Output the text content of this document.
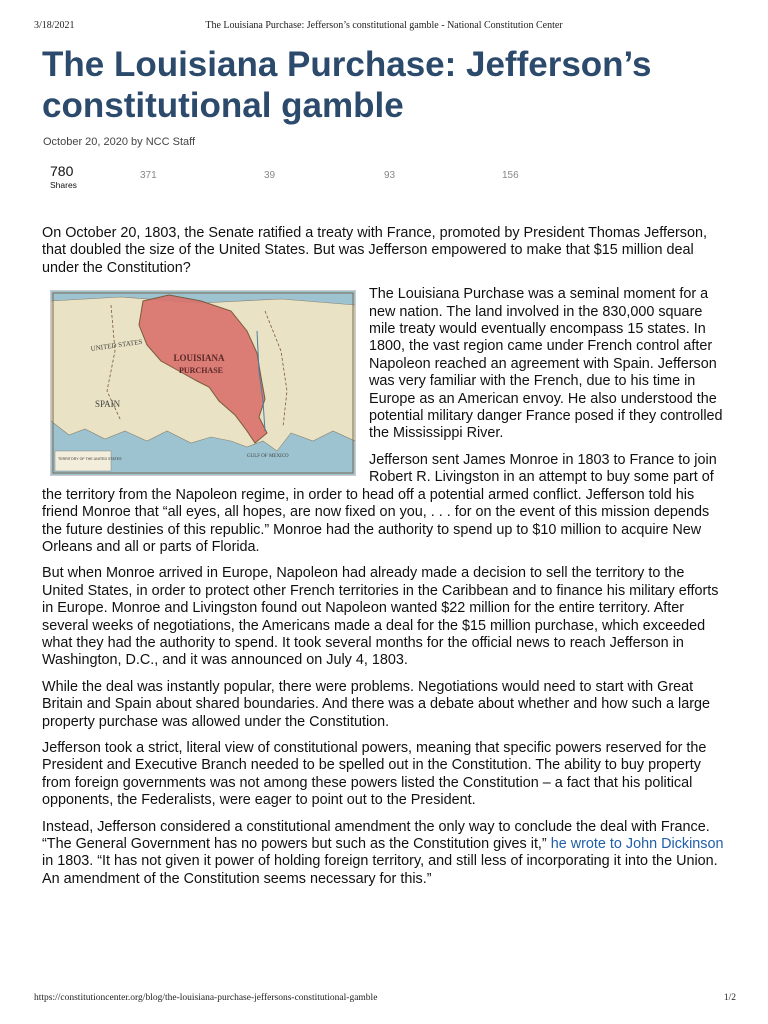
3/18/2021	The Louisiana Purchase: Jefferson’s constitutional gamble - National Constitution Center
The Louisiana Purchase: Jefferson’s constitutional gamble
October 20, 2020 by NCC Staff
780
Shares
371	39	93	156

On October 20, 1803, the Senate ratified a treaty with France, promoted by President Thomas Jefferson, that doubled the size of the United States. But was Jefferson empowered to make that $15 million deal under the Constitution?

LOUISIANA
PURCHASE
UNITED STATES
SPAIN
GULF OF MEXICO
TERRITORY OF THE UNITED STATES

The Louisiana Purchase was a seminal moment for a new nation. The land involved in the 830,000 square mile treaty would eventually encompass 15 states. In 1800, the vast region came under French control after Napoleon reached an agreement with Spain. Jefferson was very familiar with the French, due to his time in Europe as an American envoy. He also understood the potential military danger France posed if they controlled the Mississippi River.

Jefferson sent James Monroe in 1803 to France to join Robert R. Livingston in an attempt to buy some part of the territory from the Napoleon regime, in order to head off a potential armed conflict. Jefferson told his friend Monroe that “all eyes, all hopes, are now fixed on you, . . . for on the event of this mission depends the future destinies of this republic.” Monroe had the authority to spend up to $10 million to acquire New Orleans and all or parts of Florida.

But when Monroe arrived in Europe, Napoleon had already made a decision to sell the territory to the United States, in order to protect other French territories in the Caribbean and to finance his military efforts in Europe. Monroe and Livingston found out Napoleon wanted $22 million for the entire territory. After several weeks of negotiations, the Americans made a deal for the $15 million purchase, which exceeded what they had the authority to spend. It took several months for the official news to reach Jefferson in Washington, D.C., and it was announced on July 4, 1803.

While the deal was instantly popular, there were problems. Negotiations would need to start with Great Britain and Spain about shared boundaries. And there was a debate about whether and how such a large property purchase was allowed under the Constitution.

Jefferson took a strict, literal view of constitutional powers, meaning that specific powers reserved for the President and Executive Branch needed to be spelled out in the Constitution. The ability to buy property from foreign governments was not among these powers listed the Constitution – a fact that his political opponents, the Federalists, were eager to point out to the President.

Instead, Jefferson considered a constitutional amendment the only way to conclude the deal with France. “The General Government has no powers but such as the Constitution gives it,” he wrote to John Dickinson in 1803. “It has not given it power of holding foreign territory, and still less of incorporating it into the Union. An amendment of the Constitution seems necessary for this.”

https://constitutioncenter.org/blog/the-louisiana-purchase-jeffersons-constitutional-gamble	1/2
